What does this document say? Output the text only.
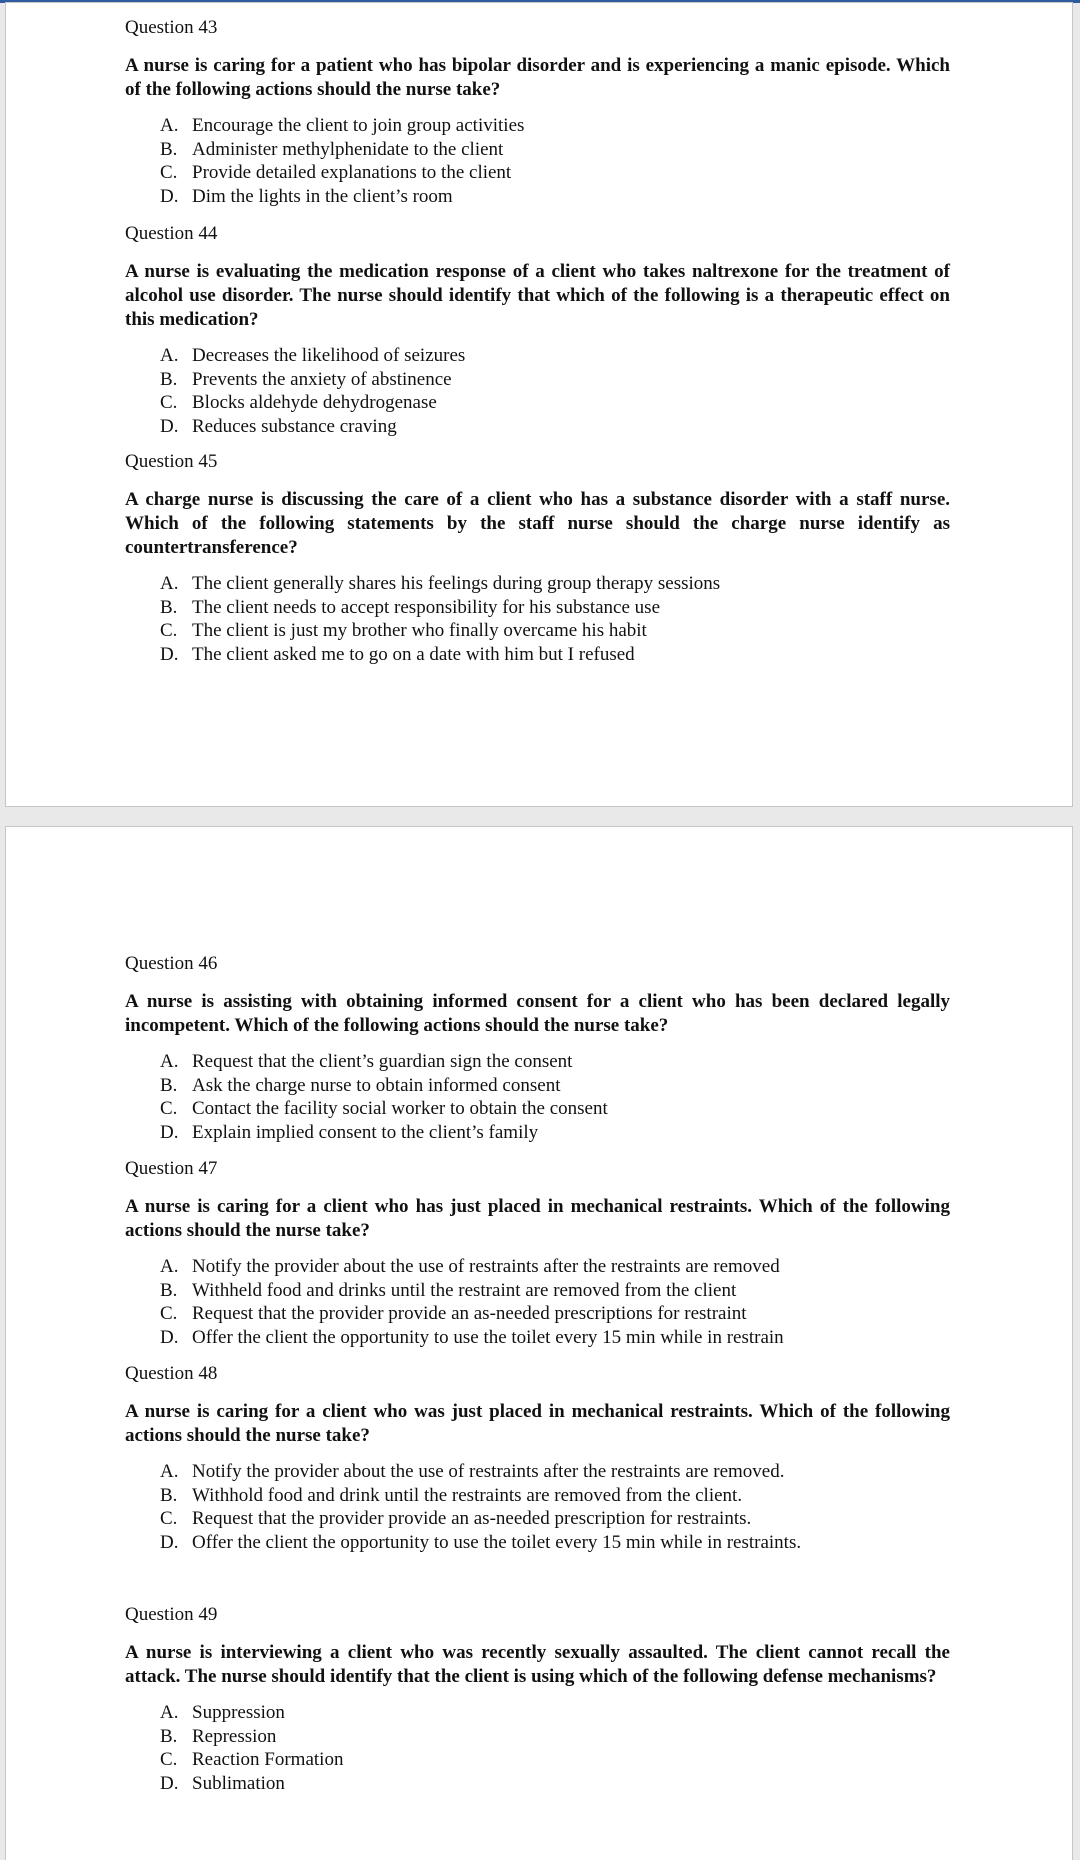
Question 43

A nurse is caring for a patient who has bipolar disorder and is experiencing a manic episode. Which of the following actions should the nurse take?

A. Encourage the client to join group activities
B. Administer methylphenidate to the client
C. Provide detailed explanations to the client
D. Dim the lights in the client’s room
Question 44

A nurse is evaluating the medication response of a client who takes naltrexone for the treatment of alcohol use disorder. The nurse should identify that which of the following is a therapeutic effect on this medication?

A. Decreases the likelihood of seizures
B. Prevents the anxiety of abstinence
C. Blocks aldehyde dehydrogenase
D. Reduces substance craving
Question 45

A charge nurse is discussing the care of a client who has a substance disorder with a staff nurse. Which of the following statements by the staff nurse should the charge nurse identify as countertransference?

A. The client generally shares his feelings during group therapy sessions
B. The client needs to accept responsibility for his substance use
C. The client is just my brother who finally overcame his habit
D. The client asked me to go on a date with him but I refused
Question 46

A nurse is assisting with obtaining informed consent for a client who has been declared legally incompetent. Which of the following actions should the nurse take?

A. Request that the client’s guardian sign the consent
B. Ask the charge nurse to obtain informed consent
C. Contact the facility social worker to obtain the consent
D. Explain implied consent to the client’s family
Question 47

A nurse is caring for a client who has just placed in mechanical restraints. Which of the following actions should the nurse take?

A. Notify the provider about the use of restraints after the restraints are removed
B. Withheld food and drinks until the restraint are removed from the client
C. Request that the provider provide an as-needed prescriptions for restraint
D. Offer the client the opportunity to use the toilet every 15 min while in restrain
Question 48

A nurse is caring for a client who was just placed in mechanical restraints. Which of the following actions should the nurse take?

A. Notify the provider about the use of restraints after the restraints are removed.
B. Withhold food and drink until the restraints are removed from the client.
C. Request that the provider provide an as-needed prescription for restraints.
D. Offer the client the opportunity to use the toilet every 15 min while in restraints.
Question 49

A nurse is interviewing a client who was recently sexually assaulted. The client cannot recall the attack. The nurse should identify that the client is using which of the following defense mechanisms?

A. Suppression
B. Repression
C. Reaction Formation
D. Sublimation
